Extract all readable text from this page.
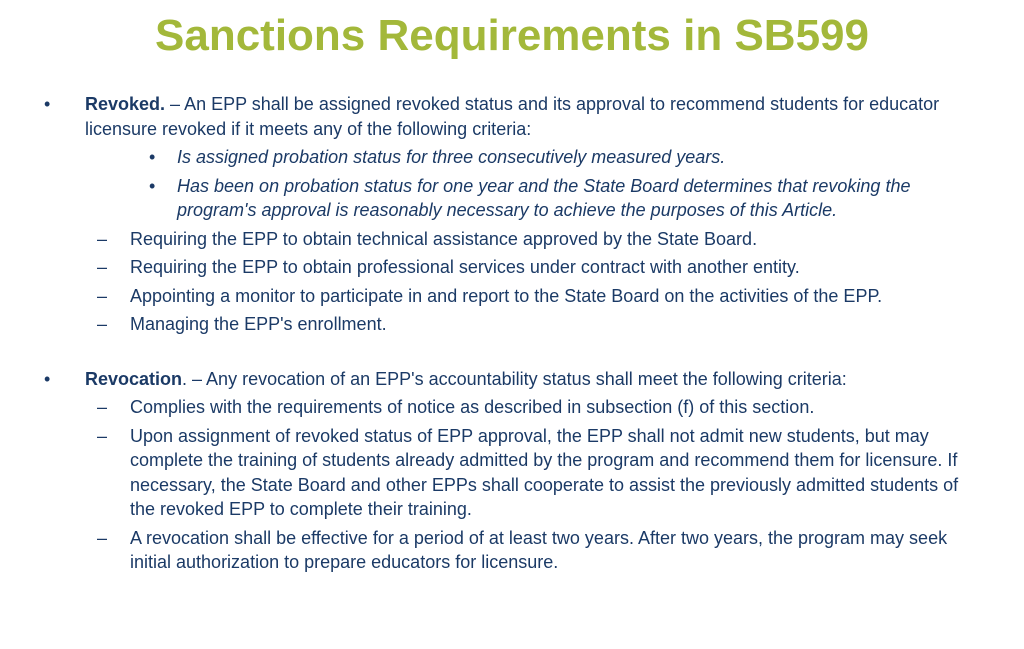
Sanctions Requirements in SB599

• Revoked. – An EPP shall be assigned revoked status and its approval to recommend students for educator licensure revoked if it meets any of the following criteria:

• Is assigned probation status for three consecutively measured years.

• Has been on probation status for one year and the State Board determines that revoking the program's approval is reasonably necessary to achieve the purposes of this Article.

– Requiring the EPP to obtain technical assistance approved by the State Board.

– Requiring the EPP to obtain professional services under contract with another entity.

– Appointing a monitor to participate in and report to the State Board on the activities of the EPP.

– Managing the EPP's enrollment.

• Revocation. – Any revocation of an EPP's accountability status shall meet the following criteria:

– Complies with the requirements of notice as described in subsection (f) of this section.

– Upon assignment of revoked status of EPP approval, the EPP shall not admit new students, but may complete the training of students already admitted by the program and recommend them for licensure. If necessary, the State Board and other EPPs shall cooperate to assist the previously admitted students of the revoked EPP to complete their training.

– A revocation shall be effective for a period of at least two years. After two years, the program may seek initial authorization to prepare educators for licensure.
